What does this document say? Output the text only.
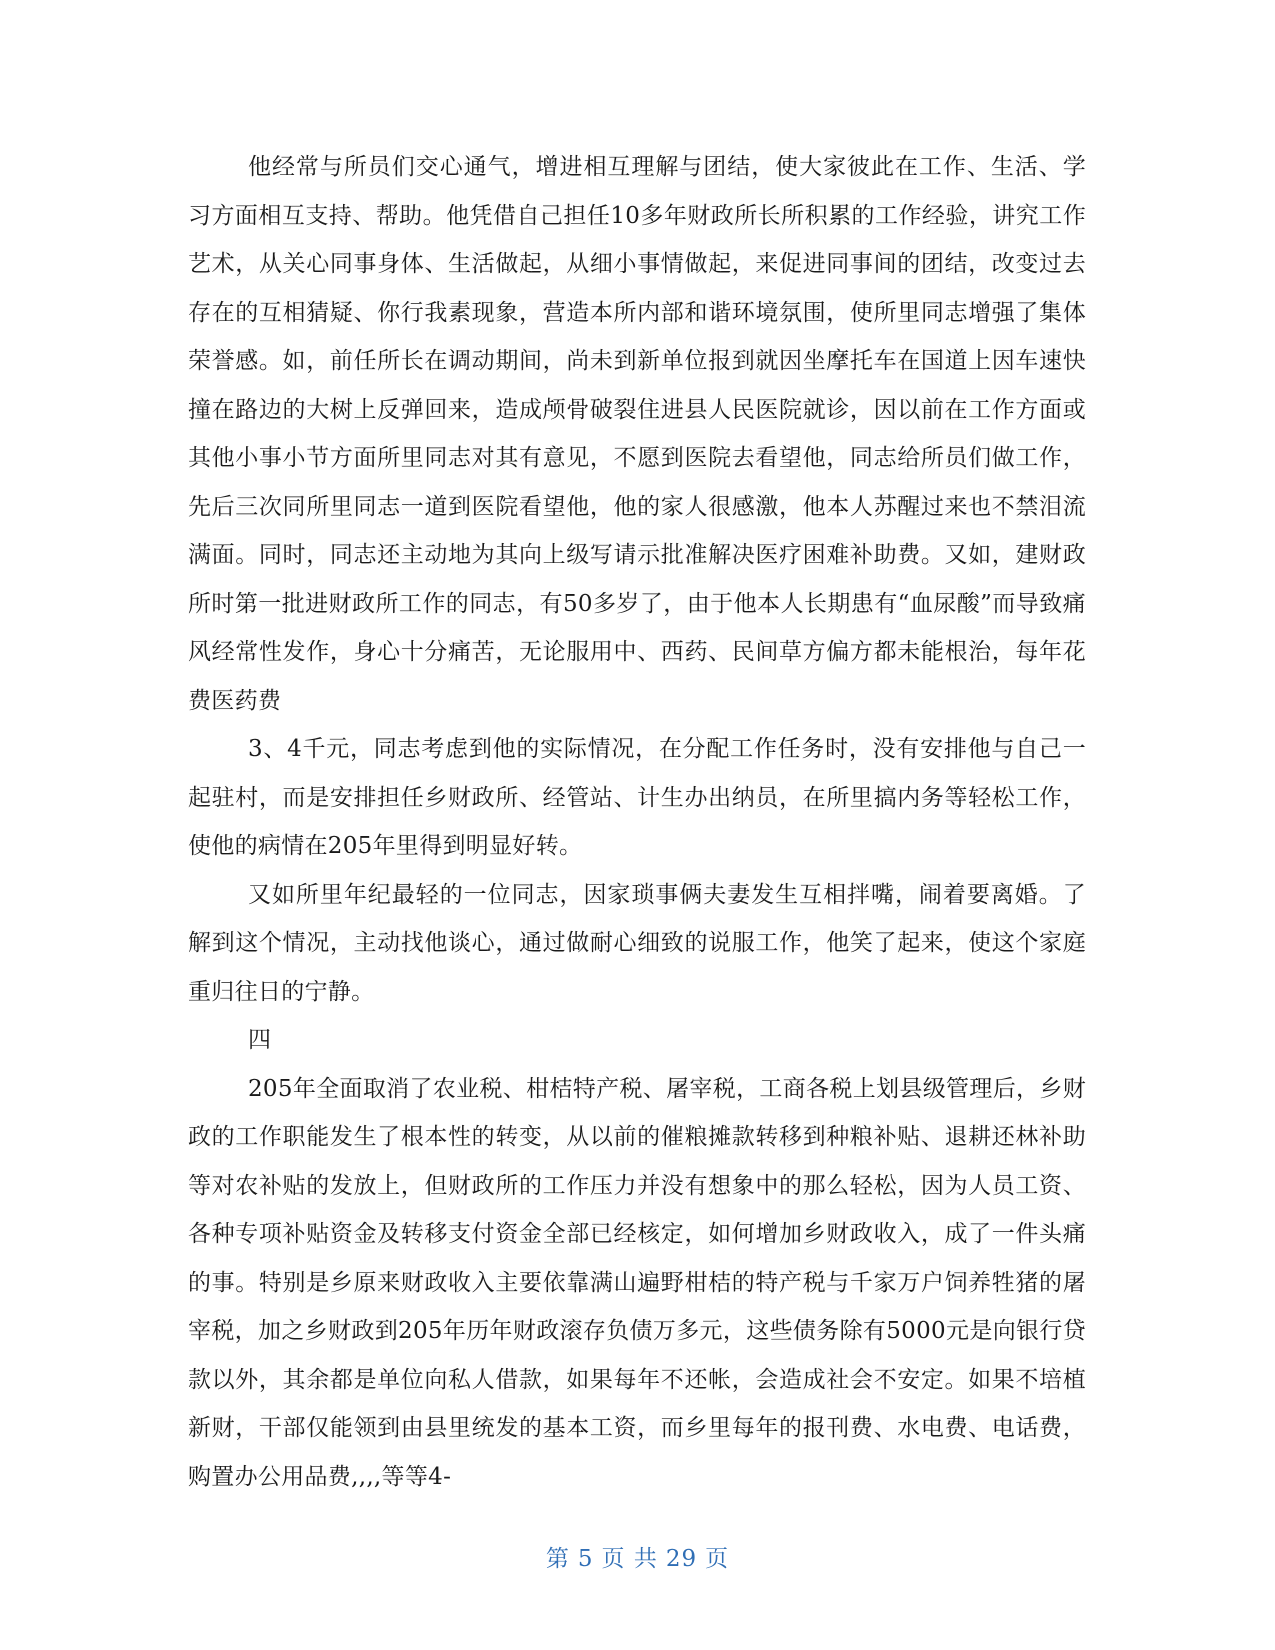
他经常与所员们交心通气，增进相互理解与团结，使大家彼此在工作、生活、学习方面相互支持、帮助。他凭借自己担任10多年财政所长所积累的工作经验，讲究工作艺术，从关心同事身体、生活做起，从细小事情做起，来促进同事间的团结，改变过去存在的互相猜疑、你行我素现象，营造本所内部和谐环境氛围，使所里同志增强了集体荣誉感。如，前任所长在调动期间，尚未到新单位报到就因坐摩托车在国道上因车速快撞在路边的大树上反弹回来，造成颅骨破裂住进县人民医院就诊，因以前在工作方面或其他小事小节方面所里同志对其有意见，不愿到医院去看望他，同志给所员们做工作，先后三次同所里同志一道到医院看望他，他的家人很感激，他本人苏醒过来也不禁泪流满面。同时，同志还主动地为其向上级写请示批准解决医疗困难补助费。又如，建财政所时第一批进财政所工作的同志，有50多岁了，由于他本人长期患有“血尿酸”而导致痛风经常性发作，身心十分痛苦，无论服用中、西药、民间草方偏方都未能根治，每年花费医药费

3、4千元，同志考虑到他的实际情况，在分配工作任务时，没有安排他与自己一起驻村，而是安排担任乡财政所、经管站、计生办出纳员，在所里搞内务等轻松工作，使他的病情在205年里得到明显好转。

又如所里年纪最轻的一位同志，因家琐事俩夫妻发生互相拌嘴，闹着要离婚。了解到这个情况，主动找他谈心，通过做耐心细致的说服工作，他笑了起来，使这个家庭重归往日的宁静。

四

205年全面取消了农业税、柑桔特产税、屠宰税，工商各税上划县级管理后，乡财政的工作职能发生了根本性的转变，从以前的催粮摊款转移到种粮补贴、退耕还林补助等对农补贴的发放上，但财政所的工作压力并没有想象中的那么轻松，因为人员工资、各种专项补贴资金及转移支付资金全部已经核定，如何增加乡财政收入，成了一件头痛的事。特别是乡原来财政收入主要依靠满山遍野柑桔的特产税与千家万户饲养牲猪的屠宰税，加之乡财政到205年历年财政滚存负债万多元，这些债务除有5000元是向银行贷款以外，其余都是单位向私人借款，如果每年不还帐，会造成社会不安定。如果不培植新财，干部仅能领到由县里统发的基本工资，而乡里每年的报刊费、水电费、电话费，购置办公用品费,,,,等等4-

第 5 页 共 29 页
